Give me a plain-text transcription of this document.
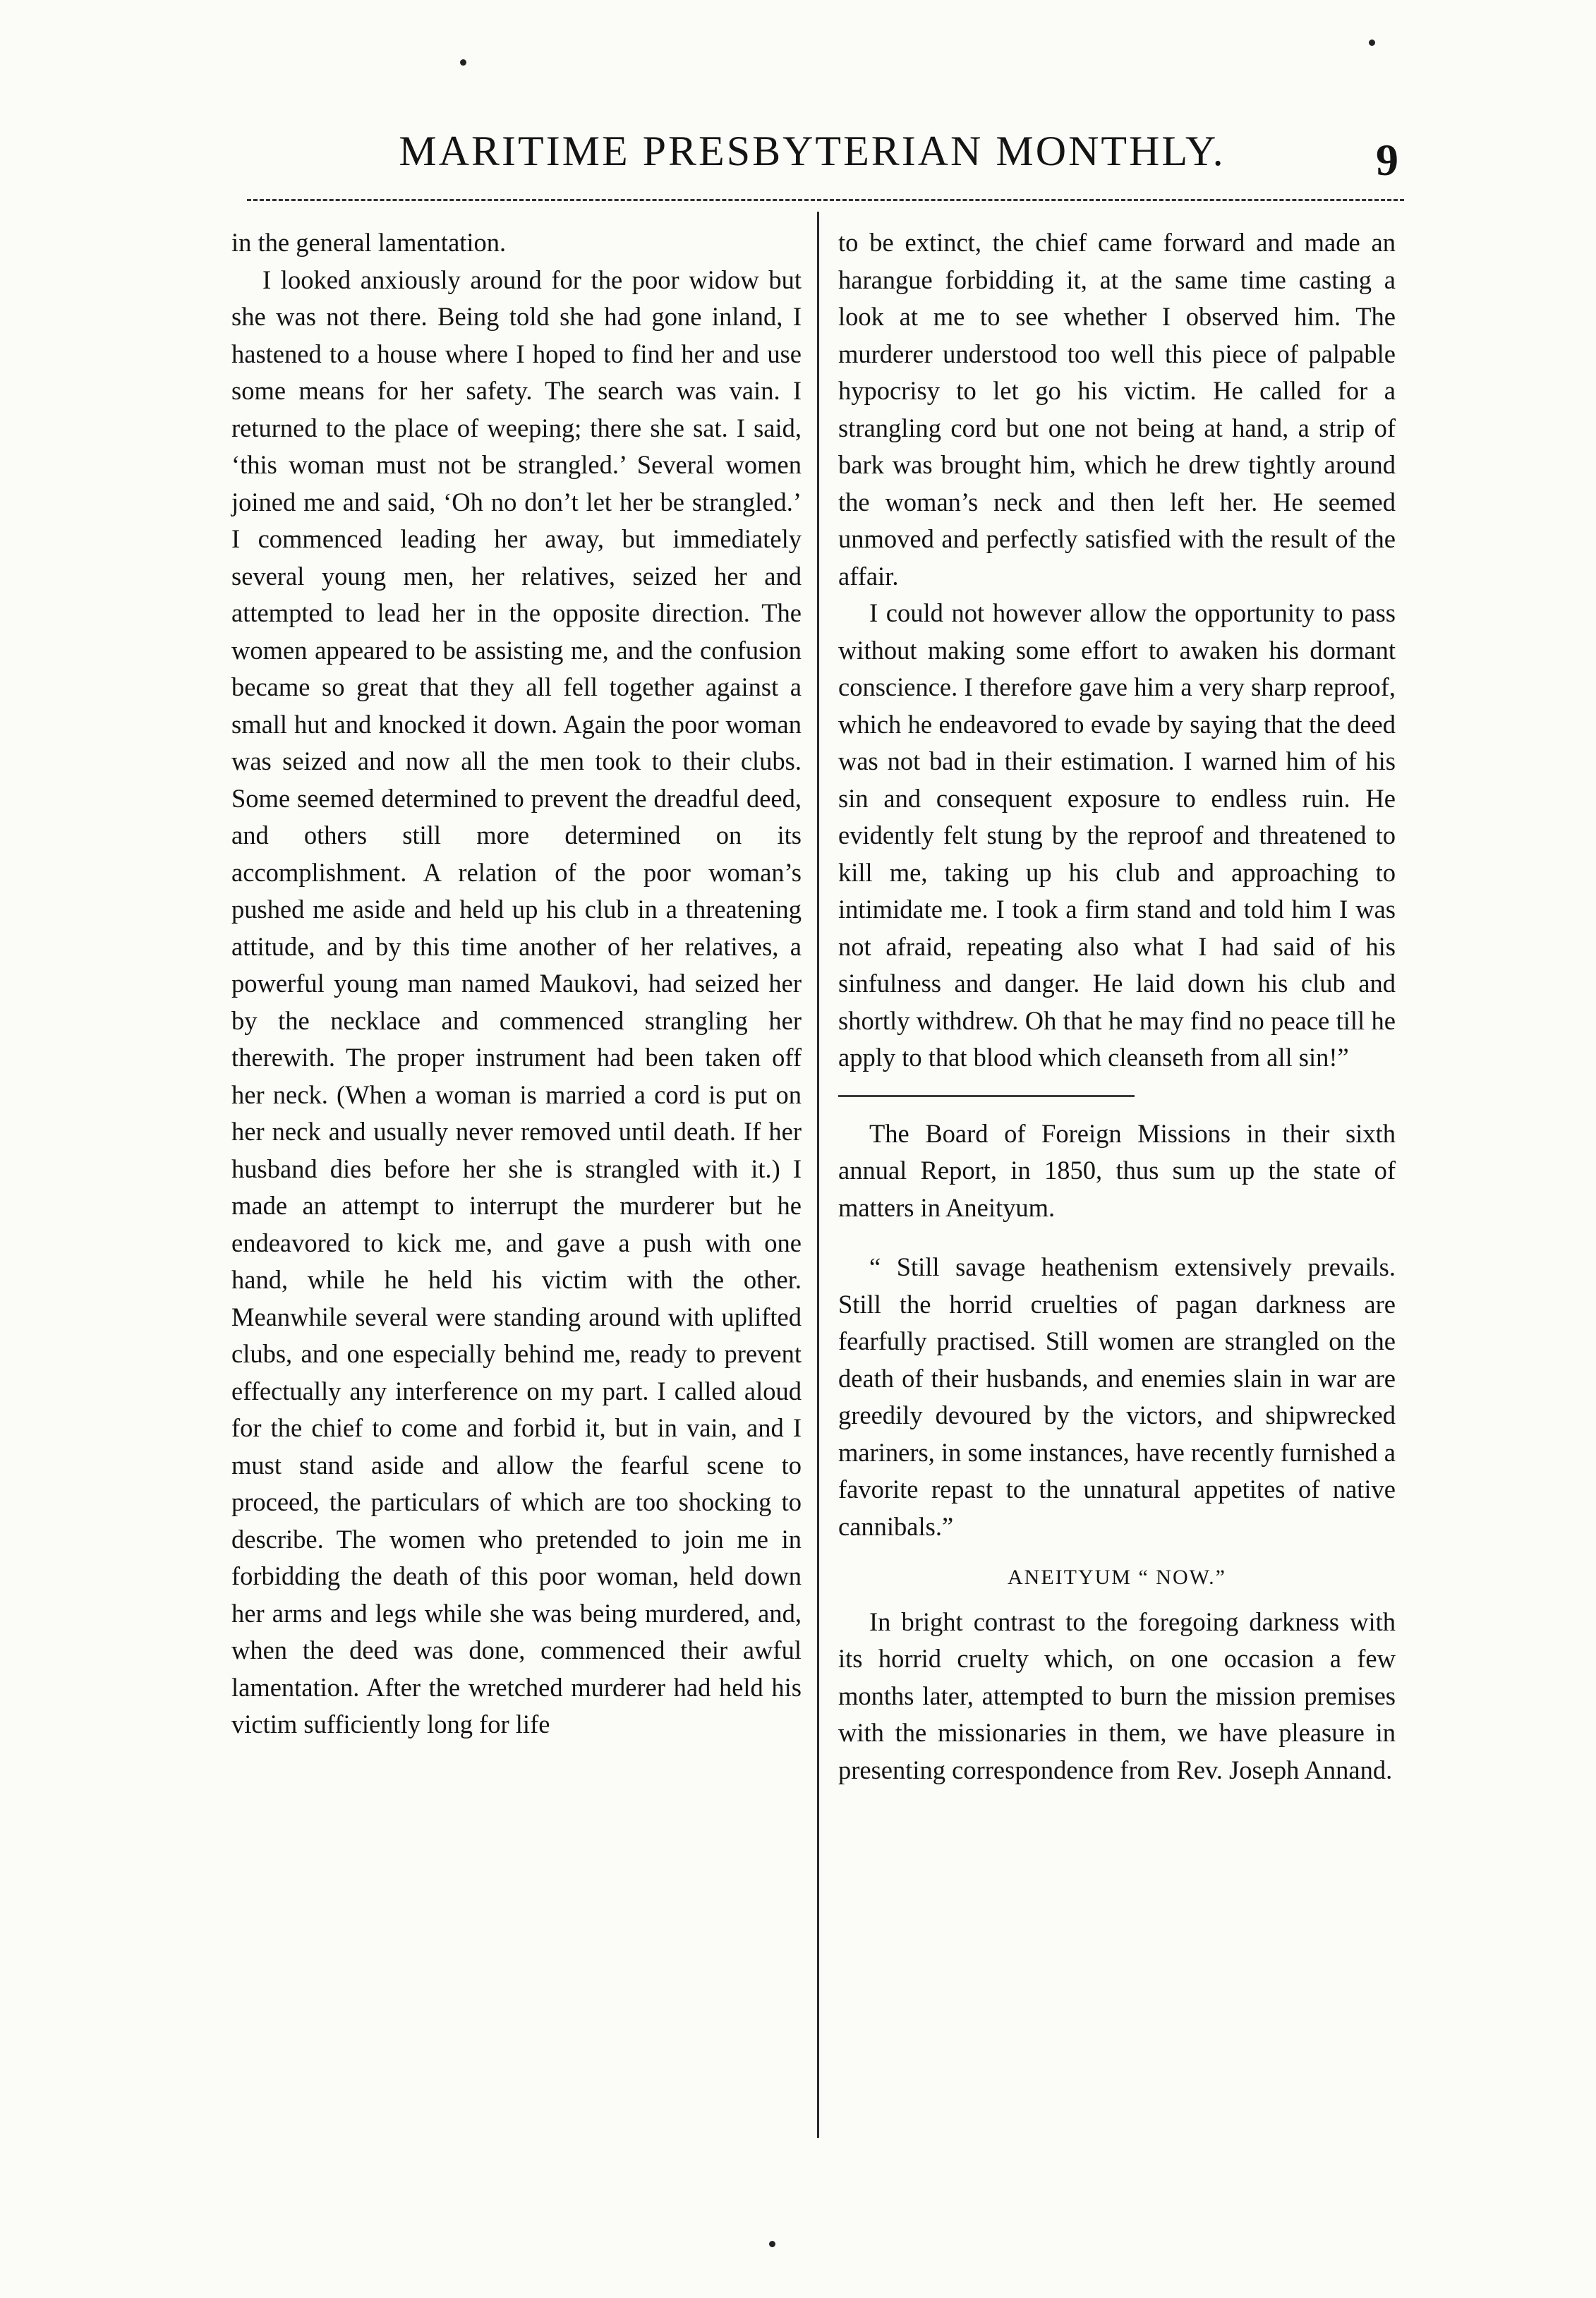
MARITIME PRESBYTERIAN MONTHLY.	9

in the general lamentation.

I looked anxiously around for the poor widow but she was not there. Being told she had gone inland, I hastened to a house where I hoped to find her and use some means for her safety. The search was vain. I returned to the place of weeping; there she sat. I said, ‘this woman must not be strangled.’ Several women joined me and said, ‘Oh no don’t let her be strangled.’ I commenced leading her away, but immediately several young men, her relatives, seized her and attempted to lead her in the opposite direction. The women appeared to be assisting me, and the confusion became so great that they all fell together against a small hut and knocked it down. Again the poor woman was seized and now all the men took to their clubs. Some seemed determined to prevent the dreadful deed, and others still more determined on its accomplishment. A relation of the poor woman’s pushed me aside and held up his club in a threatening attitude, and by this time another of her relatives, a powerful young man named Maukovi, had seized her by the necklace and commenced strangling her therewith. The proper instrument had been taken off her neck. (When a woman is married a cord is put on her neck and usually never removed until death. If her husband dies before her she is strangled with it.) I made an attempt to interrupt the murderer but he endeavored to kick me, and gave a push with one hand, while he held his victim with the other. Meanwhile several were standing around with uplifted clubs, and one especially behind me, ready to prevent effectually any interference on my part. I called aloud for the chief to come and forbid it, but in vain, and I must stand aside and allow the fearful scene to proceed, the particulars of which are too shocking to describe. The women who pretended to join me in forbidding the death of this poor woman, held down her arms and legs while she was being murdered, and, when the deed was done, commenced their awful lamentation. After the wretched murderer had held his victim sufficiently long for life

to be extinct, the chief came forward and made an harangue forbidding it, at the same time casting a look at me to see whether I observed him. The murderer understood too well this piece of palpable hypocrisy to let go his victim. He called for a strangling cord but one not being at hand, a strip of bark was brought him, which he drew tightly around the woman’s neck and then left her. He seemed unmoved and perfectly satisfied with the result of the affair.

I could not however allow the opportunity to pass without making some effort to awaken his dormant conscience. I therefore gave him a very sharp reproof, which he endeavored to evade by saying that the deed was not bad in their estimation. I warned him of his sin and consequent exposure to endless ruin. He evidently felt stung by the reproof and threatened to kill me, taking up his club and approaching to intimidate me. I took a firm stand and told him I was not afraid, repeating also what I had said of his sinfulness and danger. He laid down his club and shortly withdrew. Oh that he may find no peace till he apply to that blood which cleanseth from all sin!”

The Board of Foreign Missions in their sixth annual Report, in 1850, thus sum up the state of matters in Aneityum.

“ Still savage heathenism extensively prevails. Still the horrid cruelties of pagan darkness are fearfully practised. Still women are strangled on the death of their husbands, and enemies slain in war are greedily devoured by the victors, and shipwrecked mariners, in some instances, have recently furnished a favorite repast to the unnatural appetites of native cannibals.”

ANEITYUM “ NOW.”

In bright contrast to the foregoing darkness with its horrid cruelty which, on one occasion a few months later, attempted to burn the mission premises with the missionaries in them, we have pleasure in presenting correspondence from Rev. Joseph Annand.
